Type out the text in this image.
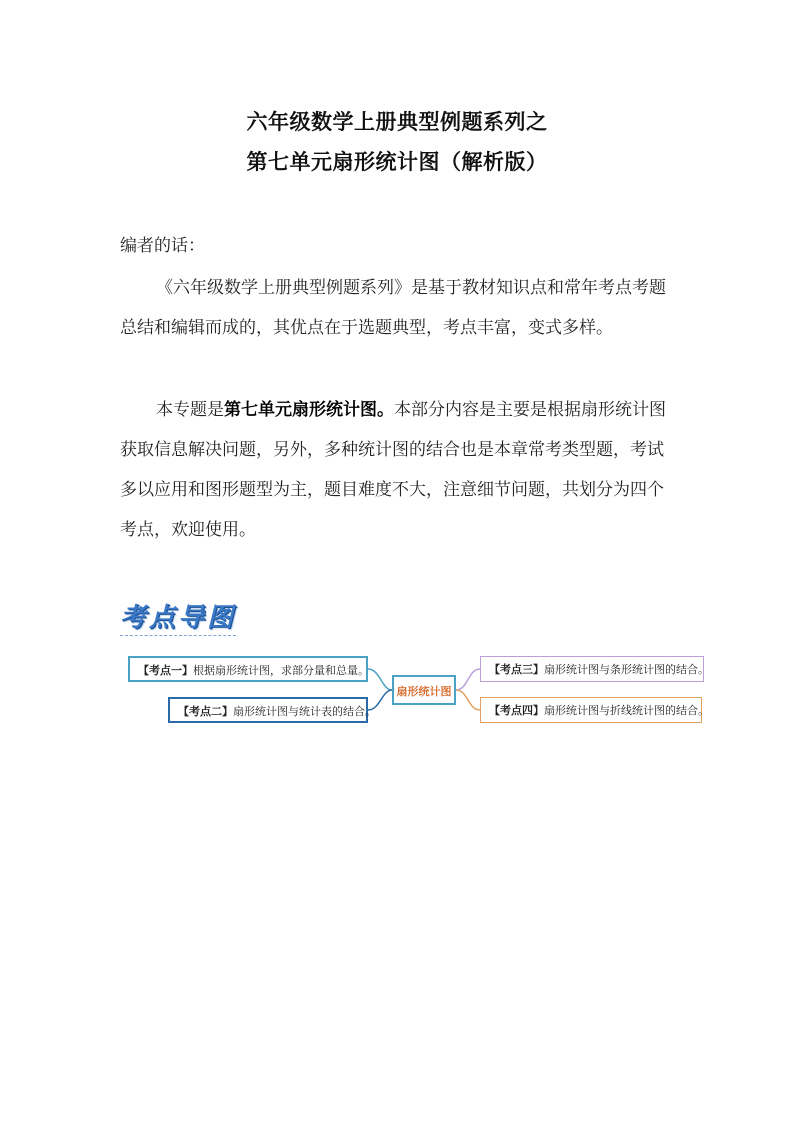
六年级数学上册典型例题系列之
第七单元扇形统计图（解析版）
编者的话：
《六年级数学上册典型例题系列》是基于教材知识点和常年考点考题总结和编辑而成的，其优点在于选题典型，考点丰富，变式多样。
本专题是第七单元扇形统计图。本部分内容是主要是根据扇形统计图获取信息解决问题，另外，多种统计图的结合也是本章常考类型题，考试多以应用和图形题型为主，题目难度不大，注意细节问题，共划分为四个考点，欢迎使用。
考点导图
【考点一】根据扇形统计图，求部分量和总量。
【考点二】扇形统计图与统计表的结合。
扇形统计图
【考点三】扇形统计图与条形统计图的结合。
【考点四】扇形统计图与折线统计图的结合。
